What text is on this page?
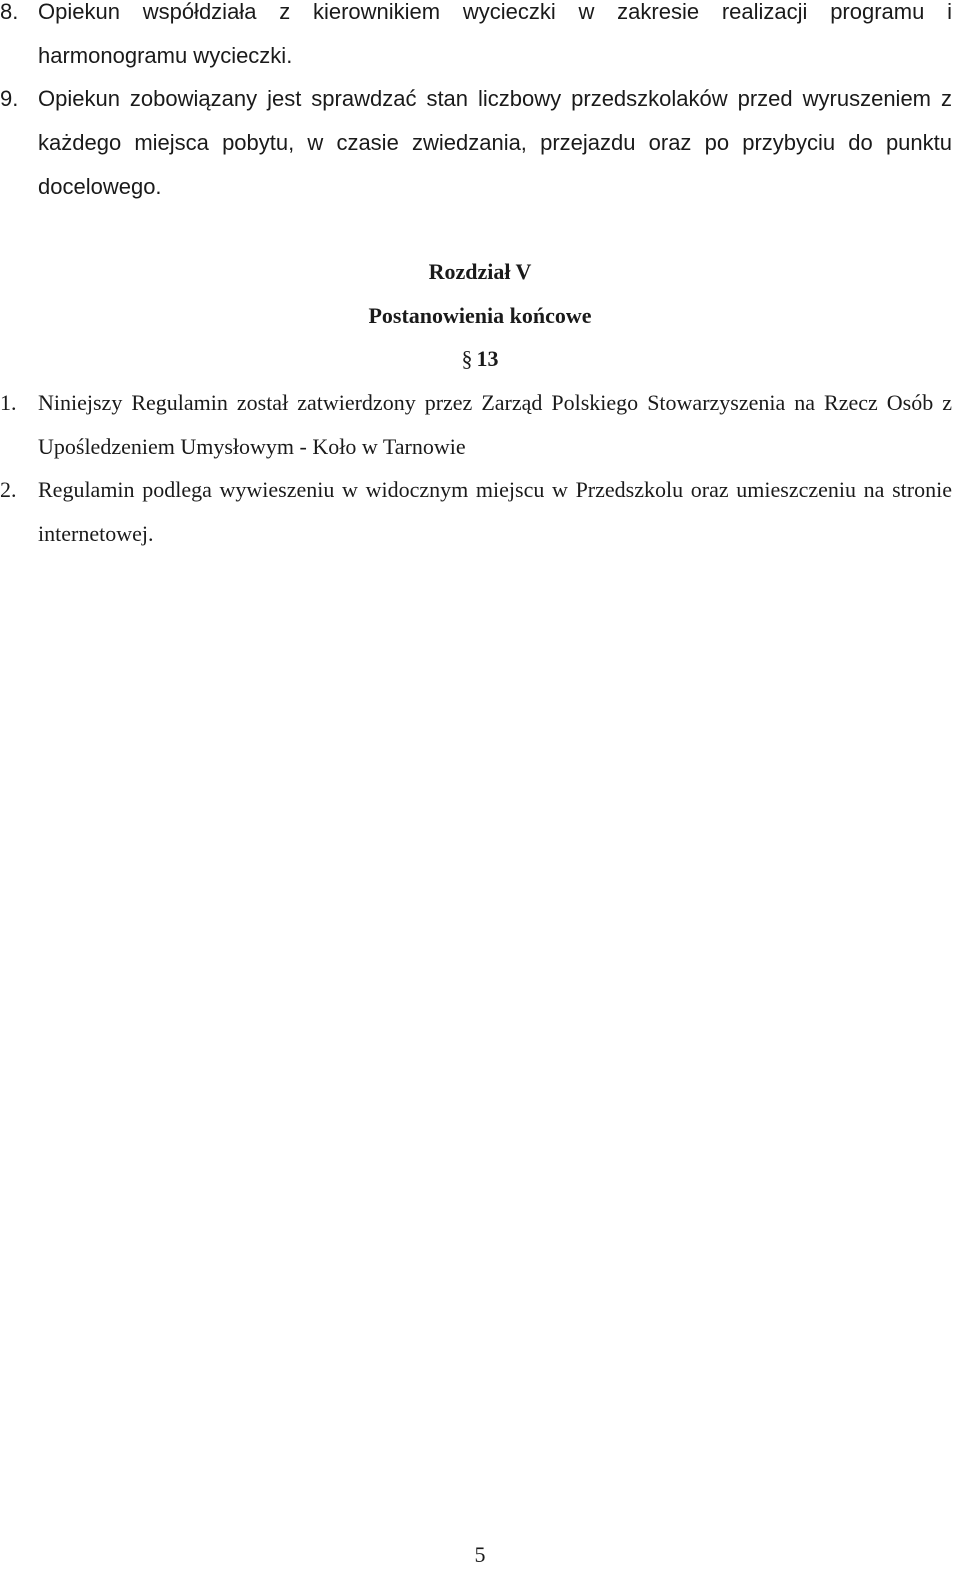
8. Opiekun współdziała z kierownikiem wycieczki w zakresie realizacji programu i harmonogramu wycieczki.
9. Opiekun zobowiązany jest sprawdzać stan liczbowy przedszkolaków przed wyruszeniem z każdego miejsca pobytu, w czasie zwiedzania, przejazdu oraz po przybyciu do punktu docelowego.
Rozdział V
Postanowienia końcowe
§ 13
1. Niniejszy Regulamin został zatwierdzony przez Zarząd Polskiego Stowarzyszenia na Rzecz Osób z Upośledzeniem Umysłowym - Koło w Tarnowie
2. Regulamin podlega wywieszeniu w widocznym miejscu w Przedszkolu oraz umieszczeniu na stronie internetowej.
5
